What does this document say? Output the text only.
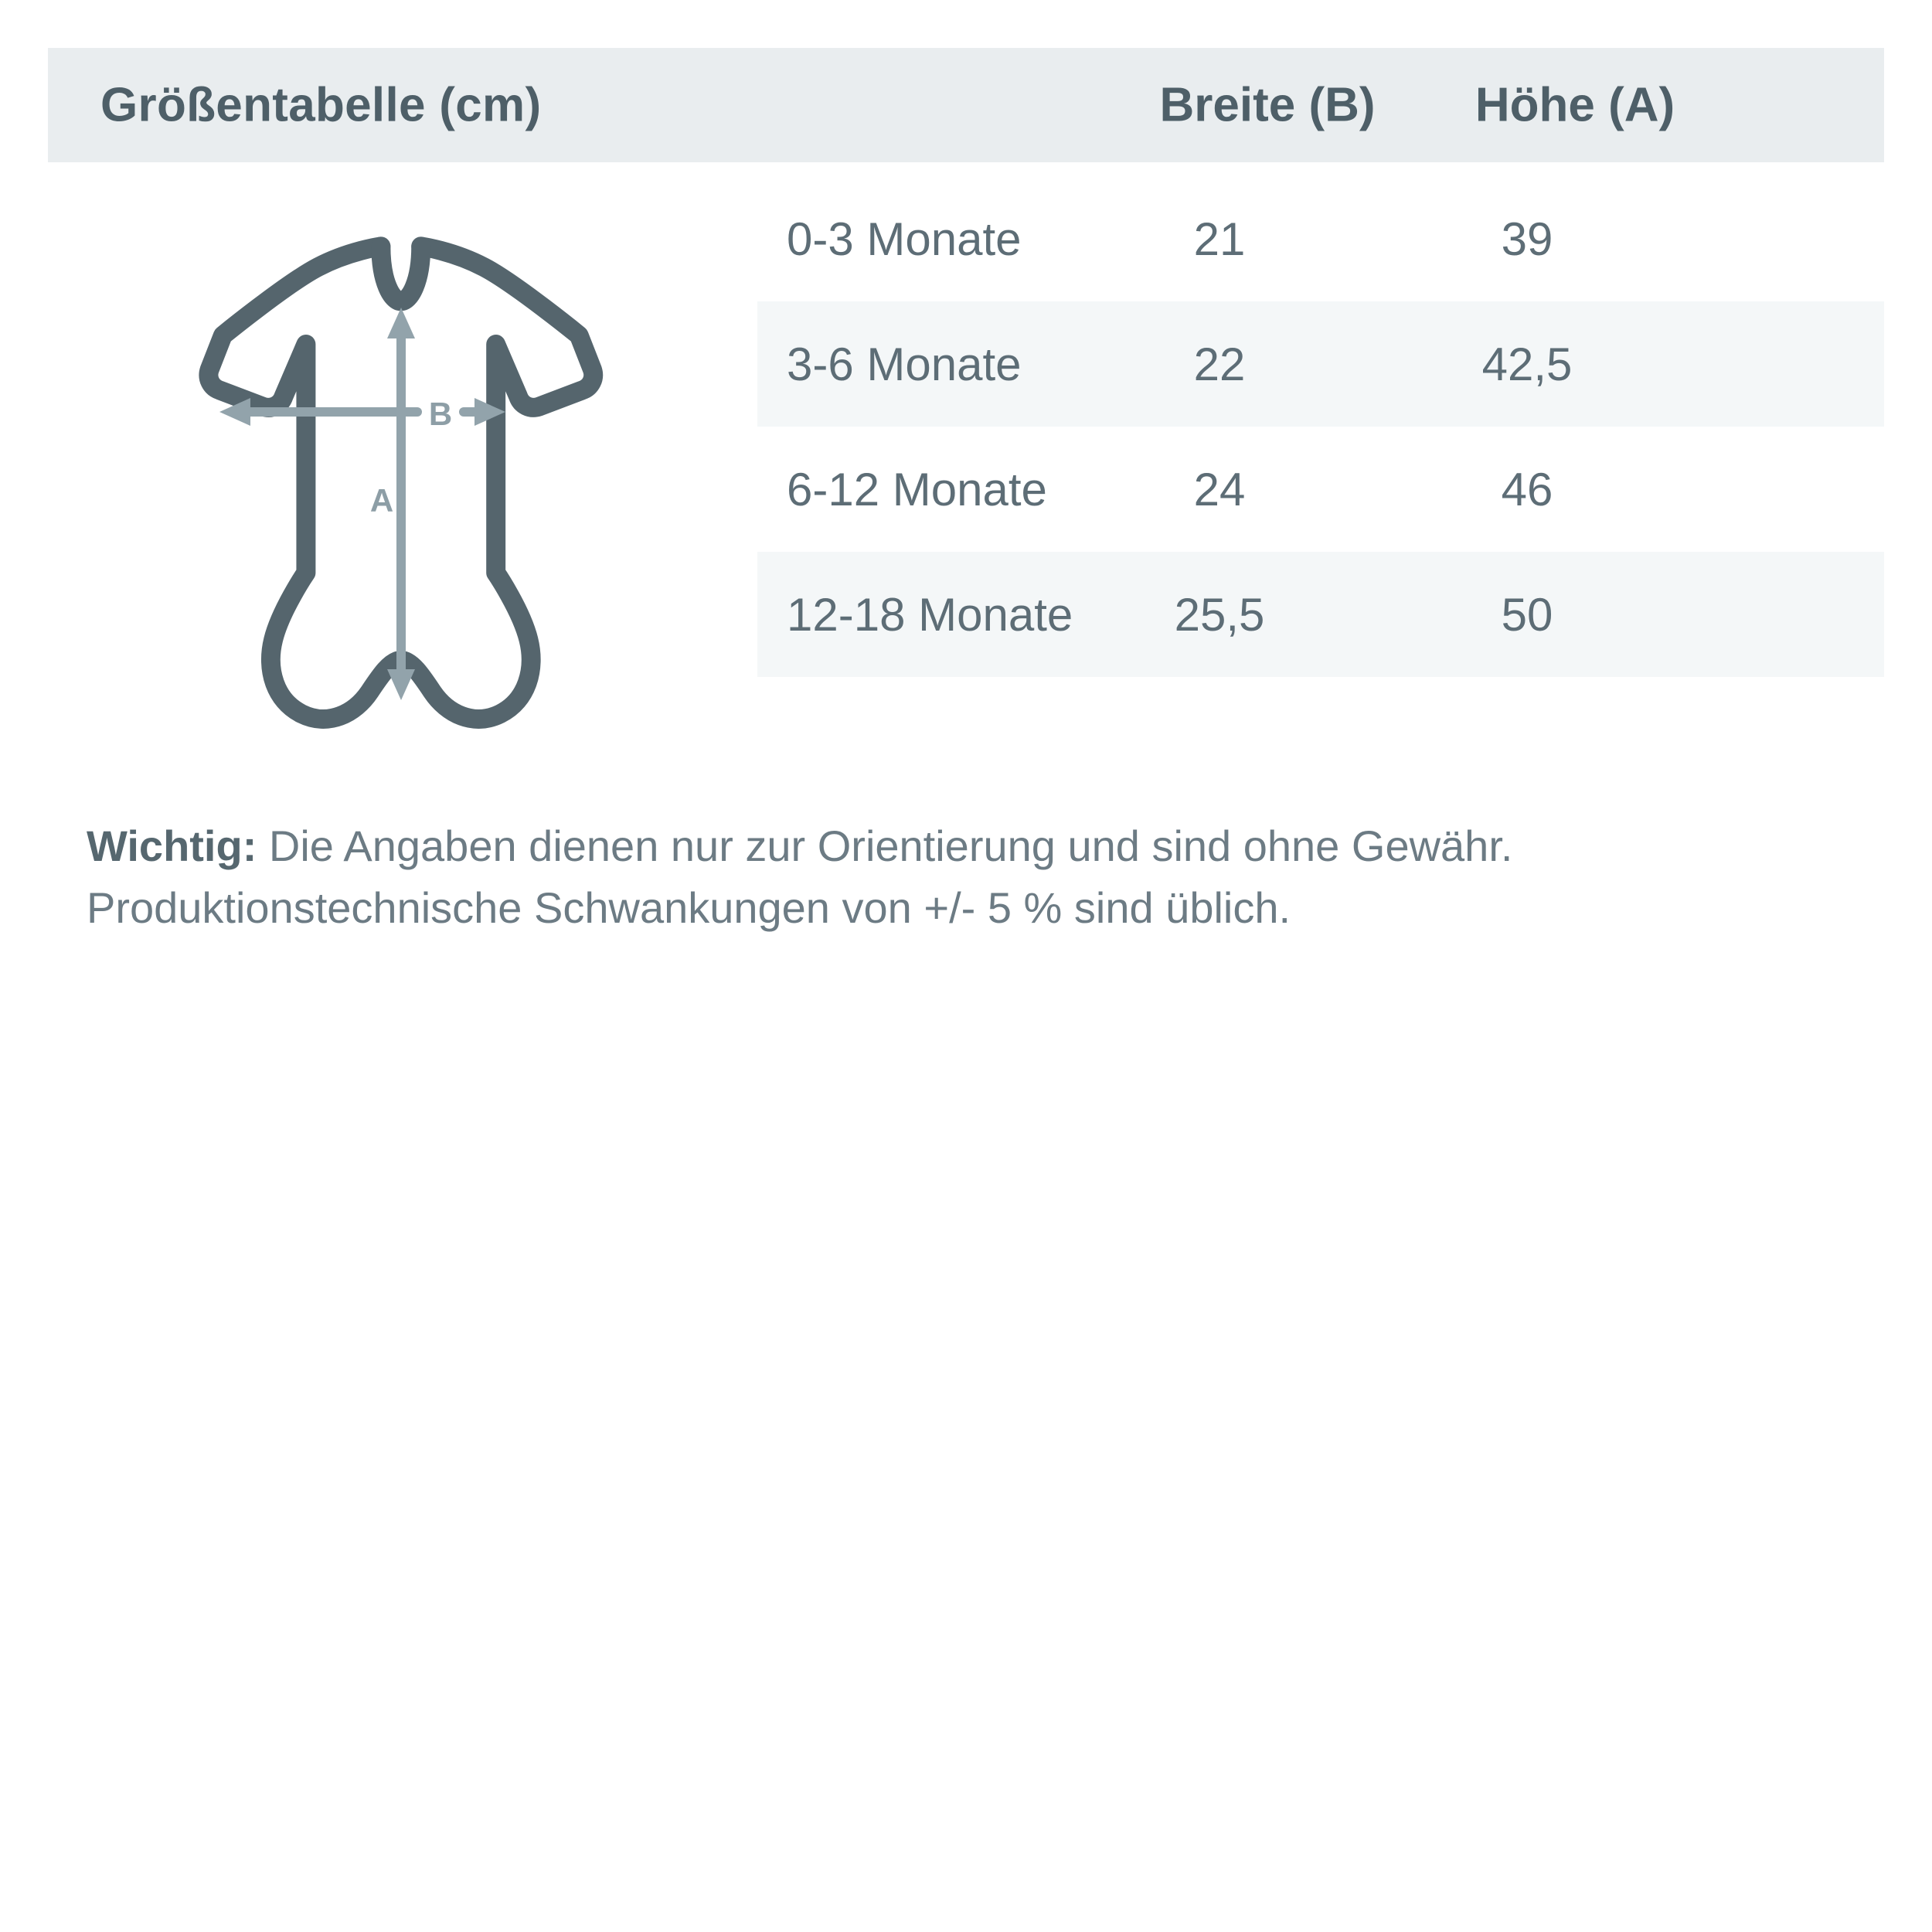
Größentabelle (cm)	Breite (B)	Höhe (A)
B
A
0-3 Monate	21	39
3-6 Monate	22	42,5
6-12 Monate	24	46
12-18 Monate	25,5	50
Wichtig: Die Angaben dienen nur zur Orientierung und sind ohne Gewähr.
Produktionstechnische Schwankungen von +/- 5 % sind üblich.
